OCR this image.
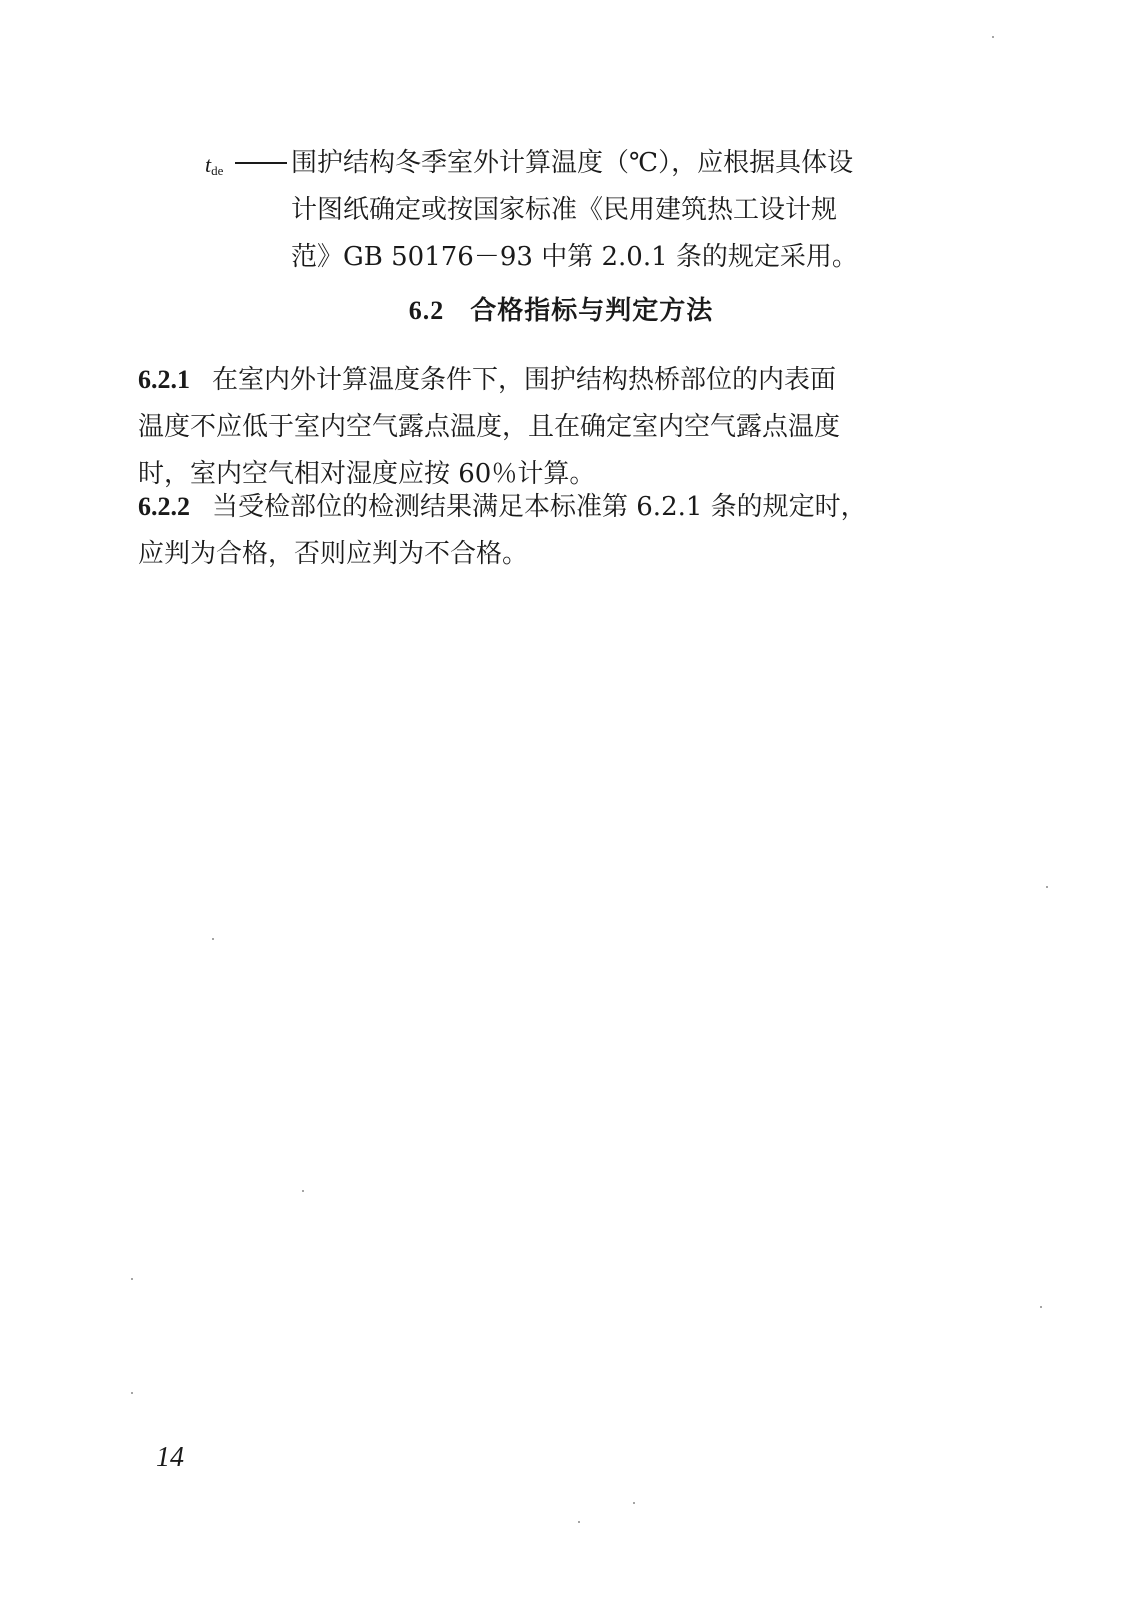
$t_{de}$	围护结构冬季室外计算温度（℃），应根据具体设
计图纸确定或按国家标准《民用建筑热工设计规
范》GB 50176－93 中第 2.0.1 条的规定采用。
6.2 合格指标与判定方法
6.2.1 在室内外计算温度条件下，围护结构热桥部位的内表面
温度不应低于室内空气露点温度，且在确定室内空气露点温度
时，室内空气相对湿度应按 60％计算。
6.2.2 当受检部位的检测结果满足本标准第 6.2.1 条的规定时，
应判为合格，否则应判为不合格。
14
